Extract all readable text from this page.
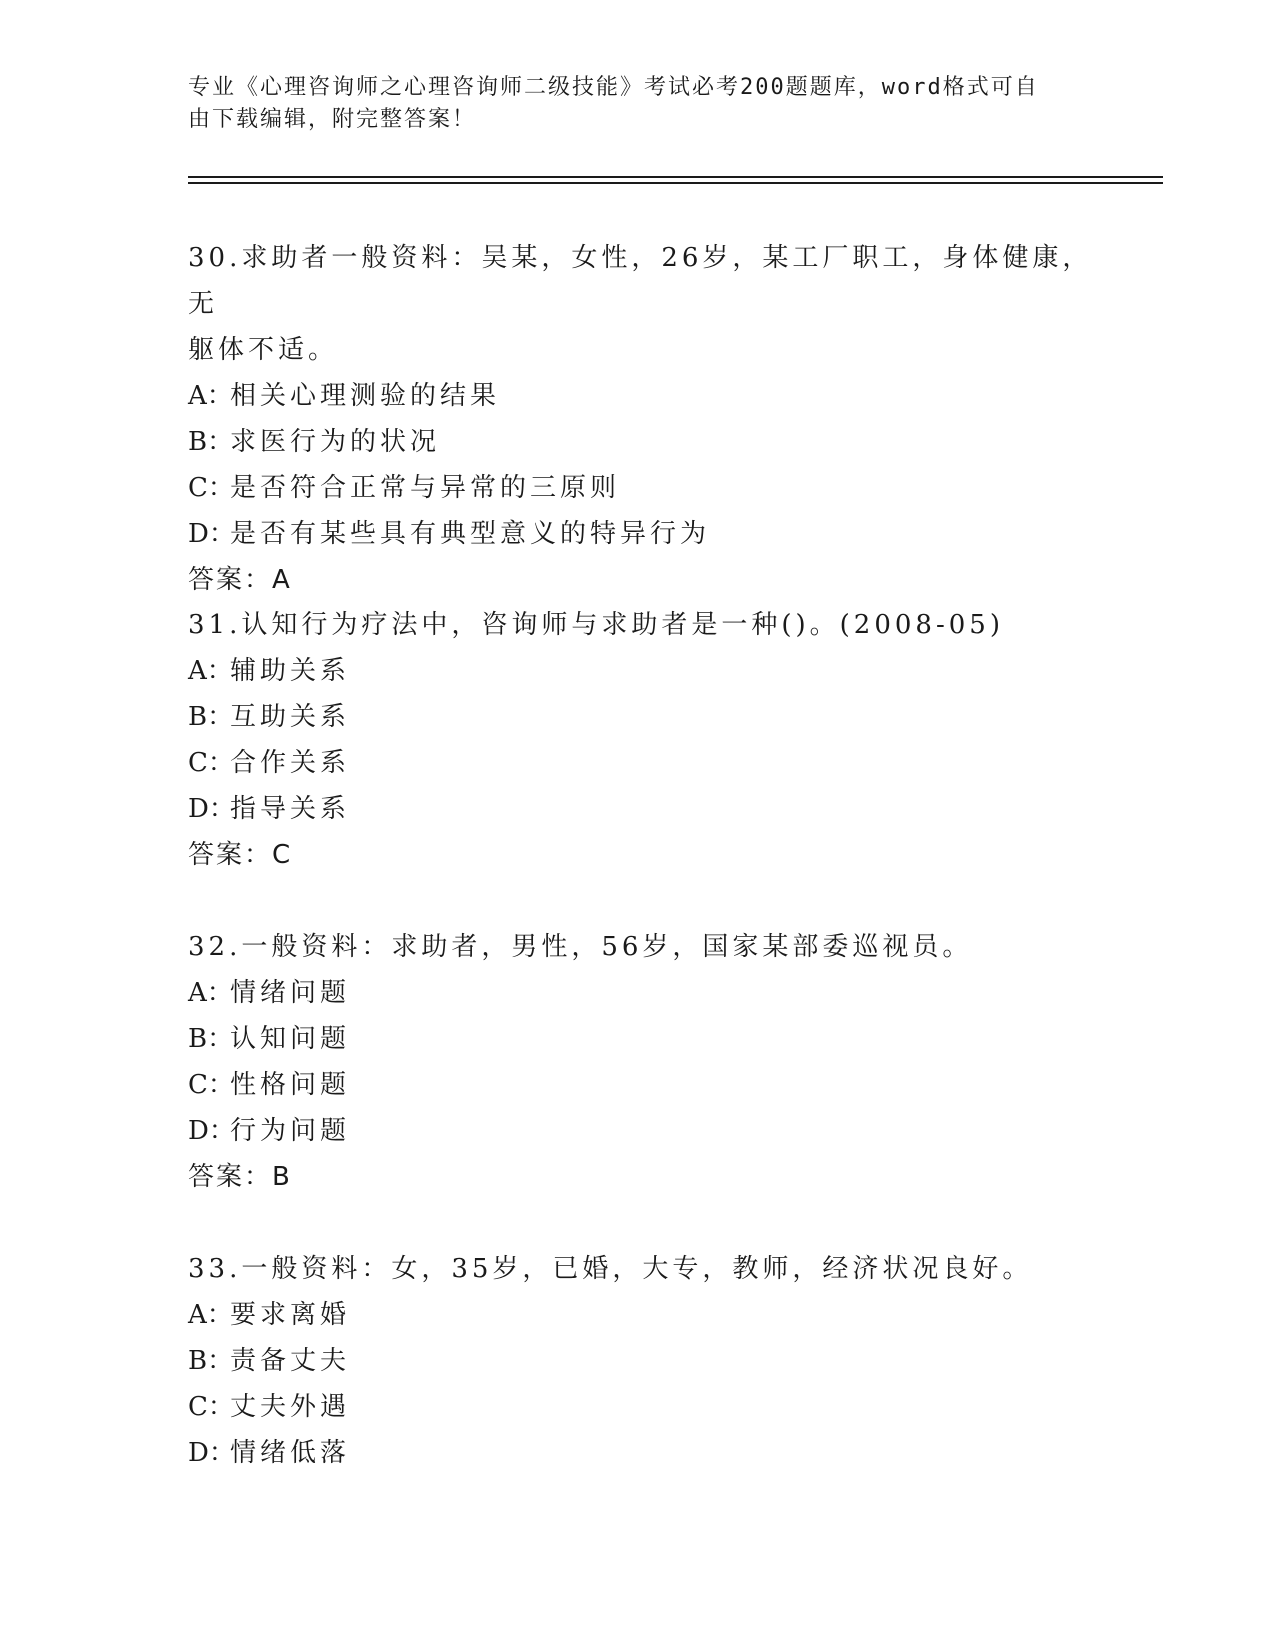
专业《心理咨询师之心理咨询师二级技能》考试必考200题题库，word格式可自
由下载编辑，附完整答案！

30.求助者一般资料：吴某，女性，26岁，某工厂职工，身体健康，无

躯体不适。

A：相关心理测验的结果

B：求医行为的状况

C：是否符合正常与异常的三原则

D：是否有某些具有典型意义的特异行为

答案：A

31.认知行为疗法中，咨询师与求助者是一种()。(2008-05)

A：辅助关系

B：互助关系

C：合作关系

D：指导关系

答案：C

32.一般资料：求助者，男性，56岁，国家某部委巡视员。

A：情绪问题

B：认知问题

C：性格问题

D：行为问题

答案：B

33.一般资料：女，35岁，已婚，大专，教师，经济状况良好。

A：要求离婚

B：责备丈夫

C：丈夫外遇

D：情绪低落
